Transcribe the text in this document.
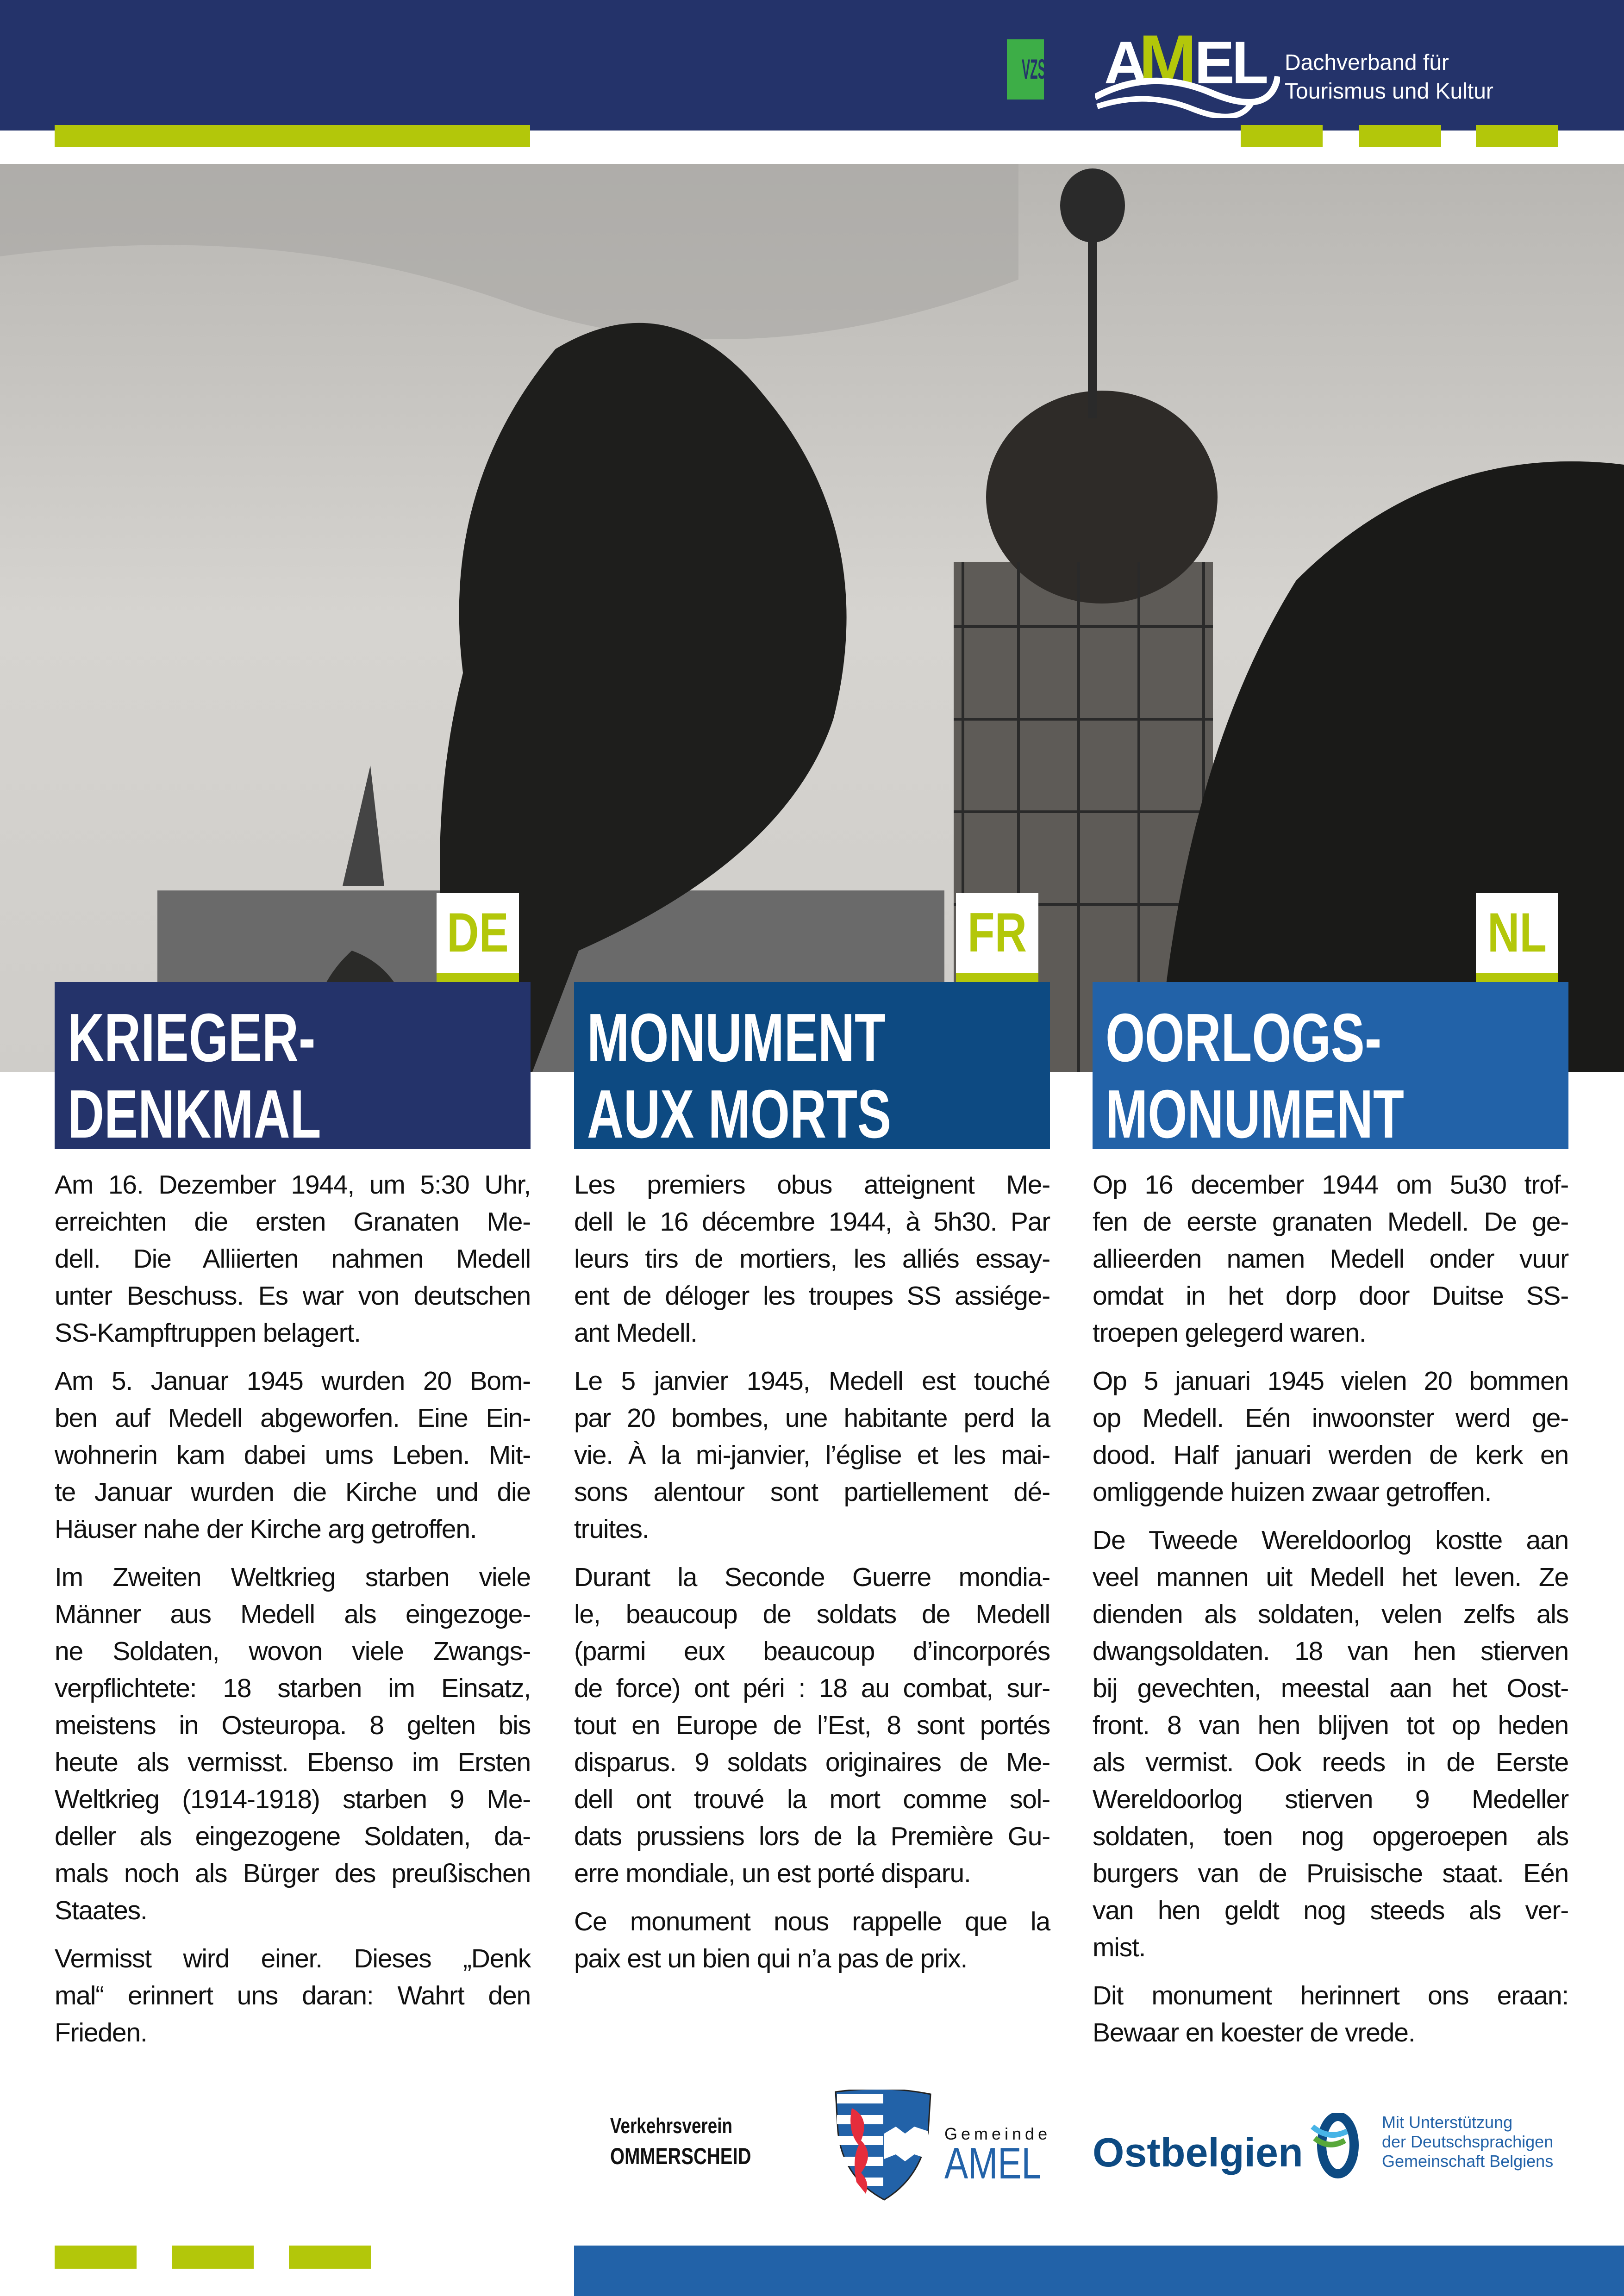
VZS A
M EL Dachverband für
Tourismus und Kultur
DE	FR	NL
KRIEGER-
DENKMAL
MONUMENT
AUX MORTS
OORLOGS-
MONUMENT
Am 16. Dezember 1944, um 5:30 Uhr,
erreichten die ersten Granaten Me-
dell. Die Alliierten nahmen Medell
unter Beschuss. Es war von deutschen
SS-Kampftruppen belagert.
Am 5. Januar 1945 wurden 20 Bom-
ben auf Medell abgeworfen. Eine Ein-
wohnerin kam dabei ums Leben. Mit-
te Januar wurden die Kirche und die
Häuser nahe der Kirche arg getroffen.
Im Zweiten Weltkrieg starben viele
Männer aus Medell als eingezoge-
ne Soldaten, wovon viele Zwangs-
verpflichtete: 18 starben im Einsatz,
meistens in Osteuropa. 8 gelten bis
heute als vermisst. Ebenso im Ersten
Weltkrieg (1914-1918) starben 9 Me-
deller als eingezogene Soldaten, da-
mals noch als Bürger des preußischen
Staates.
Vermisst wird einer. Dieses „Denk
mal“ erinnert uns daran: Wahrt den
Frieden.
Les premiers obus atteignent Me-
dell le 16 décembre 1944, à 5h30. Par
leurs tirs de mortiers, les alliés essay-
ent de déloger les troupes SS assiége-
ant Medell.
Le 5 janvier 1945, Medell est touché
par 20 bombes, une habitante perd la
vie. À la mi-janvier, l’église et les mai-
sons alentour sont partiellement dé-
truites.
Durant la Seconde Guerre mondia-
le, beaucoup de soldats de Medell
(parmi eux beaucoup d’incorporés
de force) ont péri : 18 au combat, sur-
tout en Europe de l’Est, 8 sont portés
disparus. 9 soldats originaires de Me-
dell ont trouvé la mort comme sol-
dats prussiens lors de la Première Gu-
erre mondiale, un est porté disparu.
Ce monument nous rappelle que la
paix est un bien qui n’a pas de prix.
Op 16 december 1944 om 5u30 trof-
fen de eerste granaten Medell. De ge-
allieerden namen Medell onder vuur
omdat in het dorp door Duitse SS-
troepen gelegerd waren.
Op 5 januari 1945 vielen 20 bommen
op Medell. Eén inwoonster werd ge-
dood. Half januari werden de kerk en
omliggende huizen zwaar getroffen.
De Tweede Wereldoorlog kostte aan
veel mannen uit Medell het leven. Ze
dienden als soldaten, velen zelfs als
dwangsoldaten. 18 van hen stierven
bij gevechten, meestal aan het Oost-
front. 8 van hen blijven tot op heden
als vermist. Ook reeds in de Eerste
Wereldoorlog stierven 9 Medeller
soldaten, toen nog opgeroepen als
burgers van de Pruisische staat. Eén
van hen geldt nog steeds als ver-
mist.
Dit monument herinnert ons eraan:
Bewaar en koester de vrede.
Verkehrsverein
OMMERSCHEID
Gemeinde
AMEL Ostbelgien
Mit Unterstützung
der Deutschsprachigen
Gemeinschaft Belgiens
